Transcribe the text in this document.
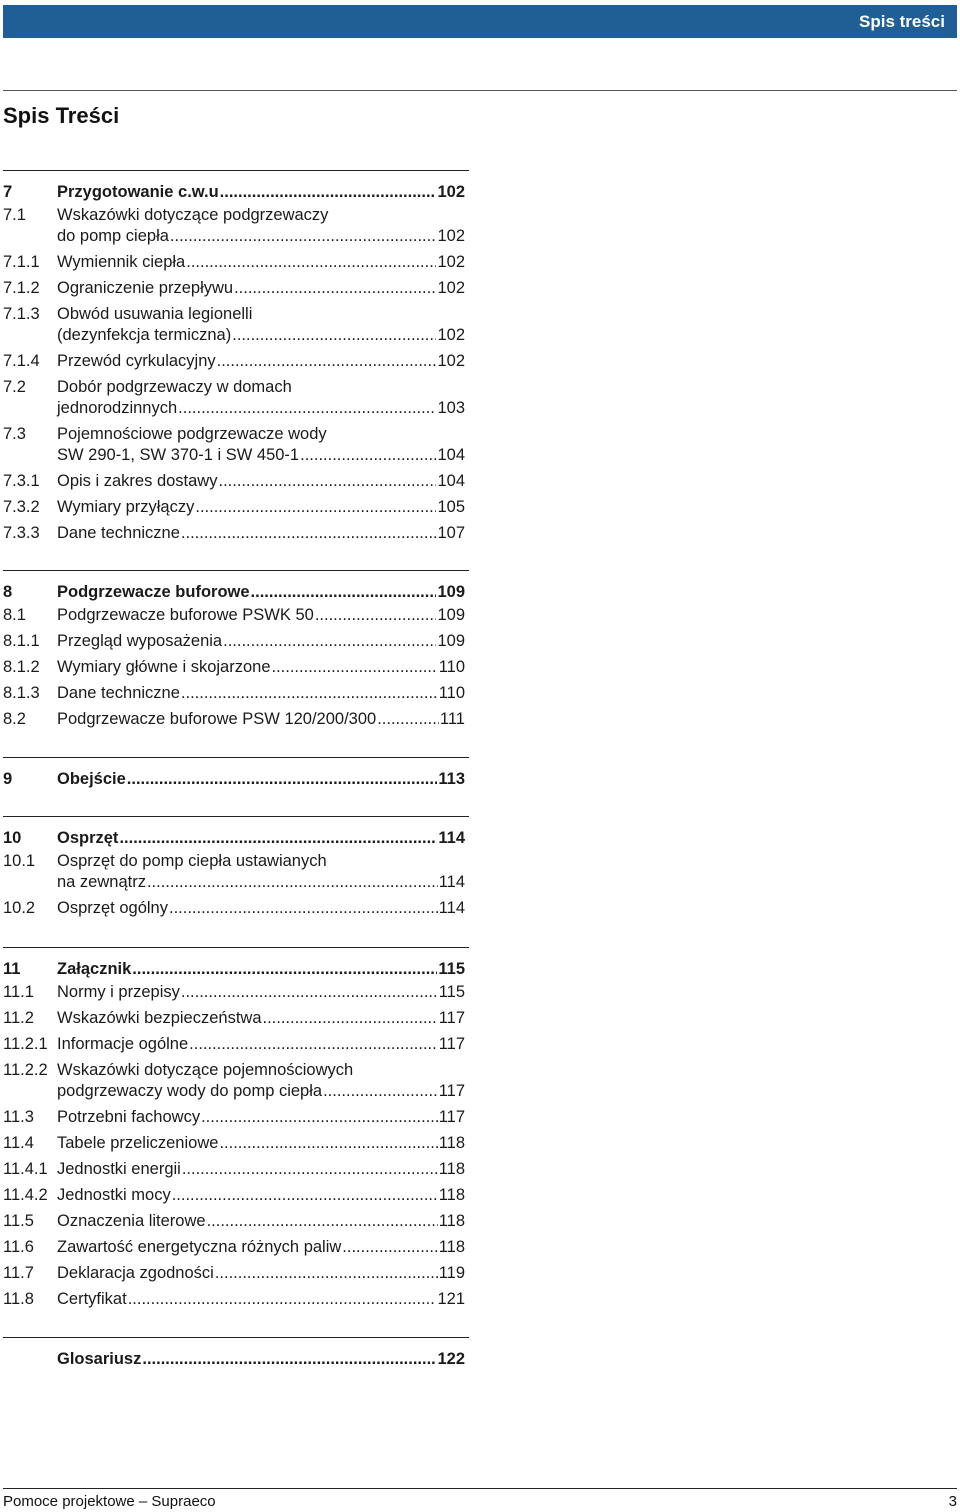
Spis treści
Spis Treści
7	Przygotowanie c.w.u .....	102
7.1 Wskazówki dotyczące podgrzewaczy
do pomp ciepła .....	102
7.1.1 Wymiennik ciepła .....	102
7.1.2 Ograniczenie przepływu .....	102
7.1.3 Obwód usuwania legionelli
(dezynfekcja termiczna) .....	102
7.1.4 Przewód cyrkulacyjny .....	102
7.2 Dobór podgrzewaczy w domach
jednorodzinnych .....	103
7.3 Pojemnościowe podgrzewacze wody
SW 290-1, SW 370-1 i SW 450-1 .....	104
7.3.1 Opis i zakres dostawy .....	104
7.3.2 Wymiary przyłączy .....	105
7.3.3 Dane techniczne .....	107
8	Podgrzewacze buforowe .....	109
8.1 Podgrzewacze buforowe PSWK 50 .....	109
8.1.1 Przegląd wyposażenia .....	109
8.1.2 Wymiary główne i skojarzone .....	110
8.1.3 Dane techniczne .....	110
8.2 Podgrzewacze buforowe PSW 120/200/300 .....	111
9	Obejście .....	113
10 Osprzęt .....	114
10.1 Osprzęt do pomp ciepła ustawianych
na zewnątrz .....	114
10.2 Osprzęt ogólny .....	114
11 Załącznik .....	115
11.1 Normy i przepisy .....	115
11.2 Wskazówki bezpieczeństwa .....	117
11.2.1 Informacje ogólne .....	117
11.2.2 Wskazówki dotyczące pojemnościowych
podgrzewaczy wody do pomp ciepła .....	117
11.3 Potrzebni fachowcy .....	117
11.4 Tabele przeliczeniowe .....	118
11.4.1 Jednostki energii .....	118
11.4.2 Jednostki mocy .....	118
11.5 Oznaczenia literowe .....	118
11.6 Zawartość energetyczna różnych paliw .....	118
11.7 Deklaracja zgodności .....	119
11.8 Certyfikat .....	121
Glosariusz .....	122
Pomoce projektowe – Supraeco	3
